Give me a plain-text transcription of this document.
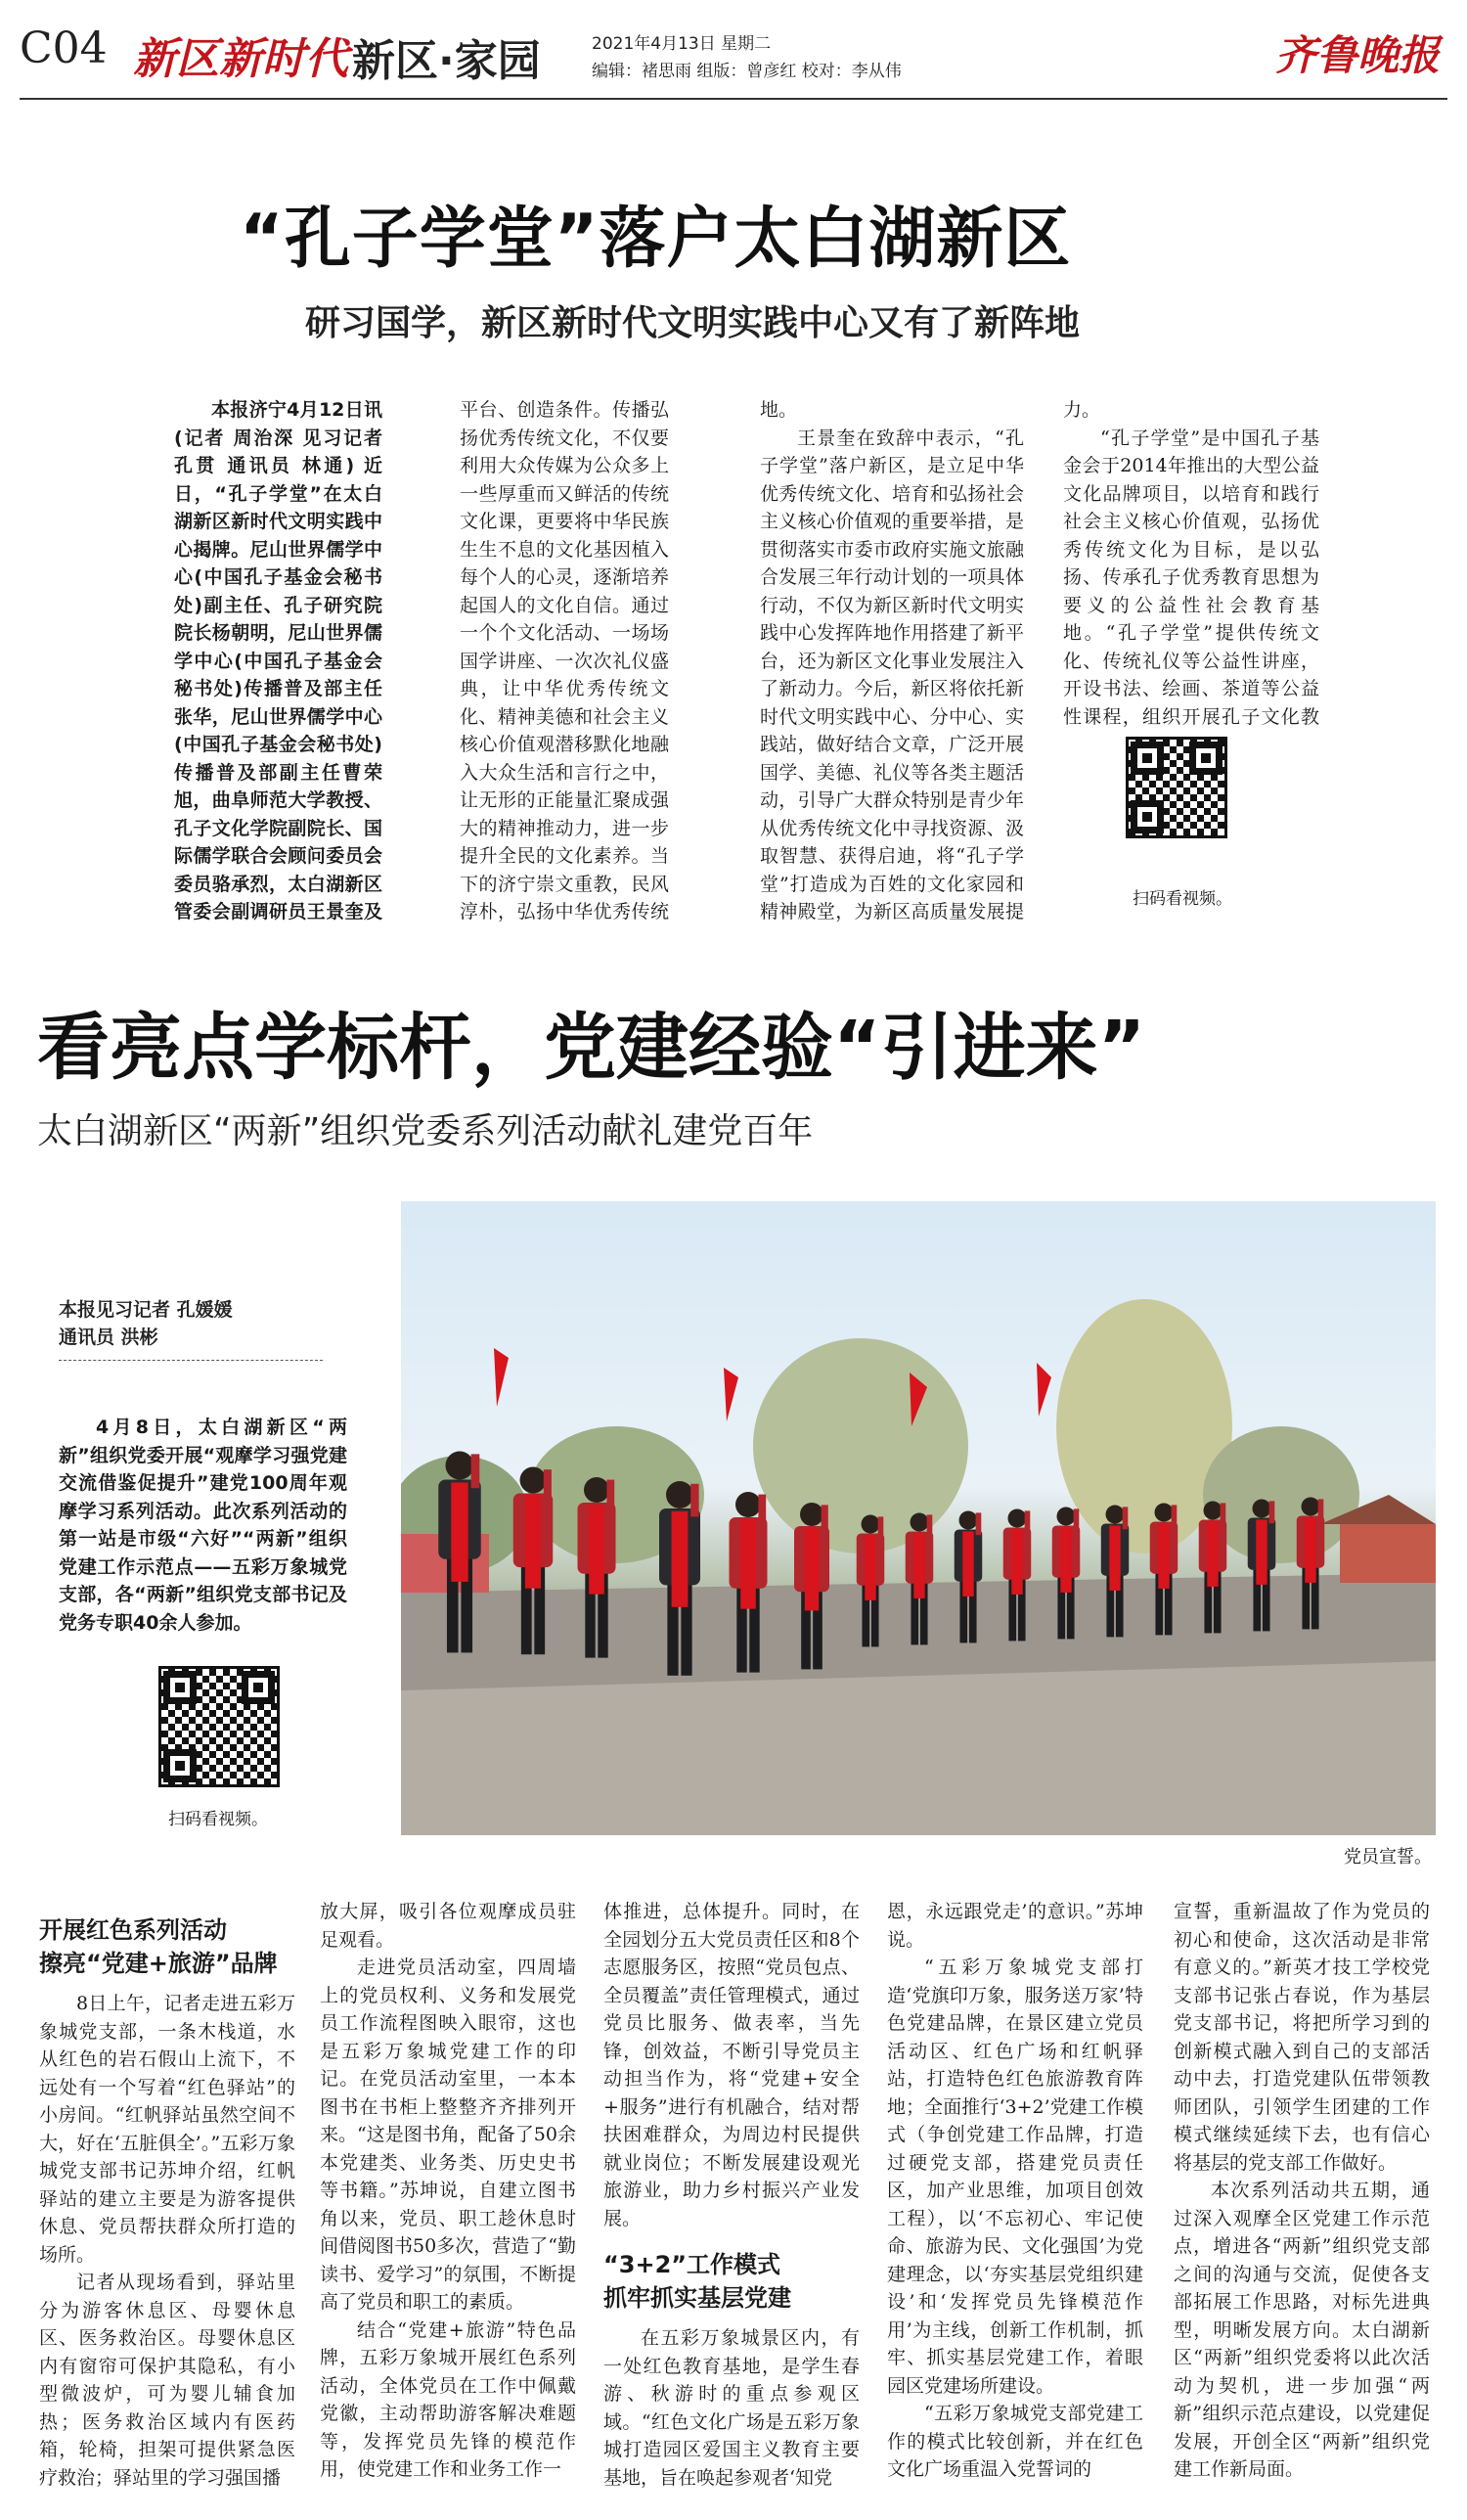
C04 新区新时代 新区·家园	2021年4月13日 星期二
编辑：褚思雨 组版：曾彦红 校对：李从伟	齐鲁晚报
“孔子学堂”落户太白湖新区
研习国学，新区新时代文明实践中心又有了新阵地

本报济宁4月12日讯(记者 周治深 见习记者 孔贯 通讯员 林通) 近日，“孔子学堂”在太白湖新区新时代文明实践中心揭牌。尼山世界儒学中心(中国孔子基金会秘书处)副主任、孔子研究院院长杨朝明，尼山世界儒学中心(中国孔子基金会秘书处)传播普及部主任张华，尼山世界儒学中心(中国孔子基金会秘书处)传播普及部副主任曹荣旭，曲阜师范大学教授、孔子文化学院副院长、国际儒学联合会顾问委员会委员骆承烈，太白湖新区管委会副调研员王景奎及

平台、创造条件。传播弘扬优秀传统文化，不仅要利用大众传媒为公众多上一些厚重而又鲜活的传统文化课，更要将中华民族生生不息的文化基因植入每个人的心灵，逐渐培养起国人的文化自信。通过一个个文化活动、一场场国学讲座、一次次礼仪盛典，让中华优秀传统文化、精神美德和社会主义核心价值观潜移默化地融入大众生活和言行之中，让无形的正能量汇聚成强大的精神推动力，进一步提升全民的文化素养。当下的济宁崇文重教，民风淳朴，弘扬中华优秀传统

地。

王景奎在致辞中表示，“孔子学堂”落户新区，是立足中华优秀传统文化、培育和弘扬社会主义核心价值观的重要举措，是贯彻落实市委市政府实施文旅融合发展三年行动计划的一项具体行动，不仅为新区新时代文明实践中心发挥阵地作用搭建了新平台，还为新区文化事业发展注入了新动力。今后，新区将依托新时代文明实践中心、分中心、实践站，做好结合文章，广泛开展国学、美德、礼仪等各类主题活动，引导广大群众特别是青少年从优秀传统文化中寻找资源、汲取智慧、获得启迪，将“孔子学堂”打造成为百姓的文化家园和精神殿堂，为新区高质量发展提

力。

“孔子学堂”是中国孔子基金会于2014年推出的大型公益文化品牌项目，以培育和践行社会主义核心价值观，弘扬优秀传统文化为目标，是以弘扬、传承孔子优秀教育思想为要义的公益性社会教育基地。“孔子学堂”提供传统文化、传统礼仪等公益性讲座，开设书法、绘画、茶道等公益性课程，组织开展孔子文化教

扫码看视频。
看亮点学标杆，党建经验“引进来”
太白湖新区“两新”组织党委系列活动献礼建党百年
本报见习记者 孔媛媛
通讯员 洪彬

4月8日，太白湖新区“两新”组织党委开展“观摩学习强党建 交流借鉴促提升”建党100周年观摩学习系列活动。此次系列活动的第一站是市级“六好”“两新”组织党建工作示范点——五彩万象城党支部，各“两新”组织党支部书记及党务专职40余人参加。

扫码看视频。
党员宣誓。
开展红色系列活动
擦亮“党建+旅游”品牌

8日上午，记者走进五彩万象城党支部，一条木栈道，水从红色的岩石假山上流下，不远处有一个写着“红色驿站”的小房间。“红帆驿站虽然空间不大，好在‘五脏俱全’。”五彩万象城党支部书记苏坤介绍，红帆驿站的建立主要是为游客提供休息、党员帮扶群众所打造的场所。

记者从现场看到，驿站里分为游客休息区、母婴休息区、医务救治区。母婴休息区内有窗帘可保护其隐私，有小型微波炉，可为婴儿辅食加热；医务救治区域内有医药箱，轮椅，担架可提供紧急医疗救治；驿站里的学习强国播

放大屏，吸引各位观摩成员驻足观看。

走进党员活动室，四周墙上的党员权利、义务和发展党员工作流程图映入眼帘，这也是五彩万象城党建工作的印记。在党员活动室里，一本本图书在书柜上整整齐齐排列开来。“这是图书角，配备了50余本党建类、业务类、历史史书等书籍。”苏坤说，自建立图书角以来，党员、职工趁休息时间借阅图书50多次，营造了“勤读书、爱学习”的氛围，不断提高了党员和职工的素质。

结合“党建+旅游”特色品牌，五彩万象城开展红色系列活动，全体党员在工作中佩戴党徽，主动帮助游客解决难题等，发挥党员先锋的模范作用，使党建工作和业务工作一

体推进，总体提升。同时，在全园划分五大党员责任区和8个志愿服务区，按照“党员包点、全员覆盖”责任管理模式，通过党员比服务、做表率，当先锋，创效益，不断引导党员主动担当作为，将“党建+安全+服务”进行有机融合，结对帮扶困难群众，为周边村民提供就业岗位；不断发展建设观光旅游业，助力乡村振兴产业发展。

“3+2”工作模式
抓牢抓实基层党建

在五彩万象城景区内，有一处红色教育基地，是学生春游、秋游时的重点参观区域。“红色文化广场是五彩万象城打造园区爱国主义教育主要基地，旨在唤起参观者‘知党

恩，永远跟党走’的意识。”苏坤说。

“五彩万象城党支部打造‘党旗印万象，服务送万家’特色党建品牌，在景区建立党员活动区、红色广场和红帆驿站，打造特色红色旅游教育阵地；全面推行‘3+2’党建工作模式（争创党建工作品牌，打造过硬党支部，搭建党员责任区，加产业思维，加项目创效工程），以‘不忘初心、牢记使命、旅游为民、文化强国’为党建理念，以‘夯实基层党组织建设’和‘发挥党员先锋模范作用’为主线，创新工作机制，抓牢、抓实基层党建工作，着眼园区党建场所建设。

“五彩万象城党支部党建工作的模式比较创新，并在红色文化广场重温入党誓词的

宣誓，重新温故了作为党员的初心和使命，这次活动是非常有意义的。”新英才技工学校党支部书记张占春说，作为基层党支部书记，将把所学习到的创新模式融入到自己的支部活动中去，打造党建队伍带领教师团队，引领学生团建的工作模式继续延续下去，也有信心将基层的党支部工作做好。

本次系列活动共五期，通过深入观摩全区党建工作示范点，增进各“两新”组织党支部之间的沟通与交流，促使各支部拓展工作思路，对标先进典型，明晰发展方向。太白湖新区“两新”组织党委将以此次活动为契机，进一步加强“两新”组织示范点建设，以党建促发展，开创全区“两新”组织党建工作新局面。
